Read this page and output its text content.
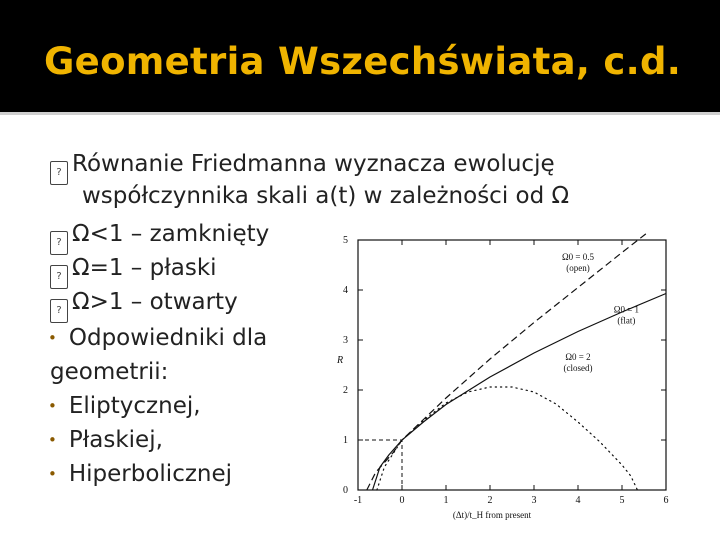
Geometria Wszechświata, c.d.
? Równanie Friedmanna wyznacza ewolucję
współczynnika skali a(t) w zależności od Ω
? Ω<1 – zamknięty
? Ω=1 – płaski
? Ω>1 – otwarty
• Odpowiedniki dla
geometrii:
• Eliptycznej,
• Płaskiej,
• Hiperbolicznej
-1	0	1	2	3	4	5	6
0
1
2
3
4
5
(Δt)/t_H from present
R
Ω0 = 0.5
(open)
Ω0 = 1
(flat)
Ω0 = 2
(closed)
